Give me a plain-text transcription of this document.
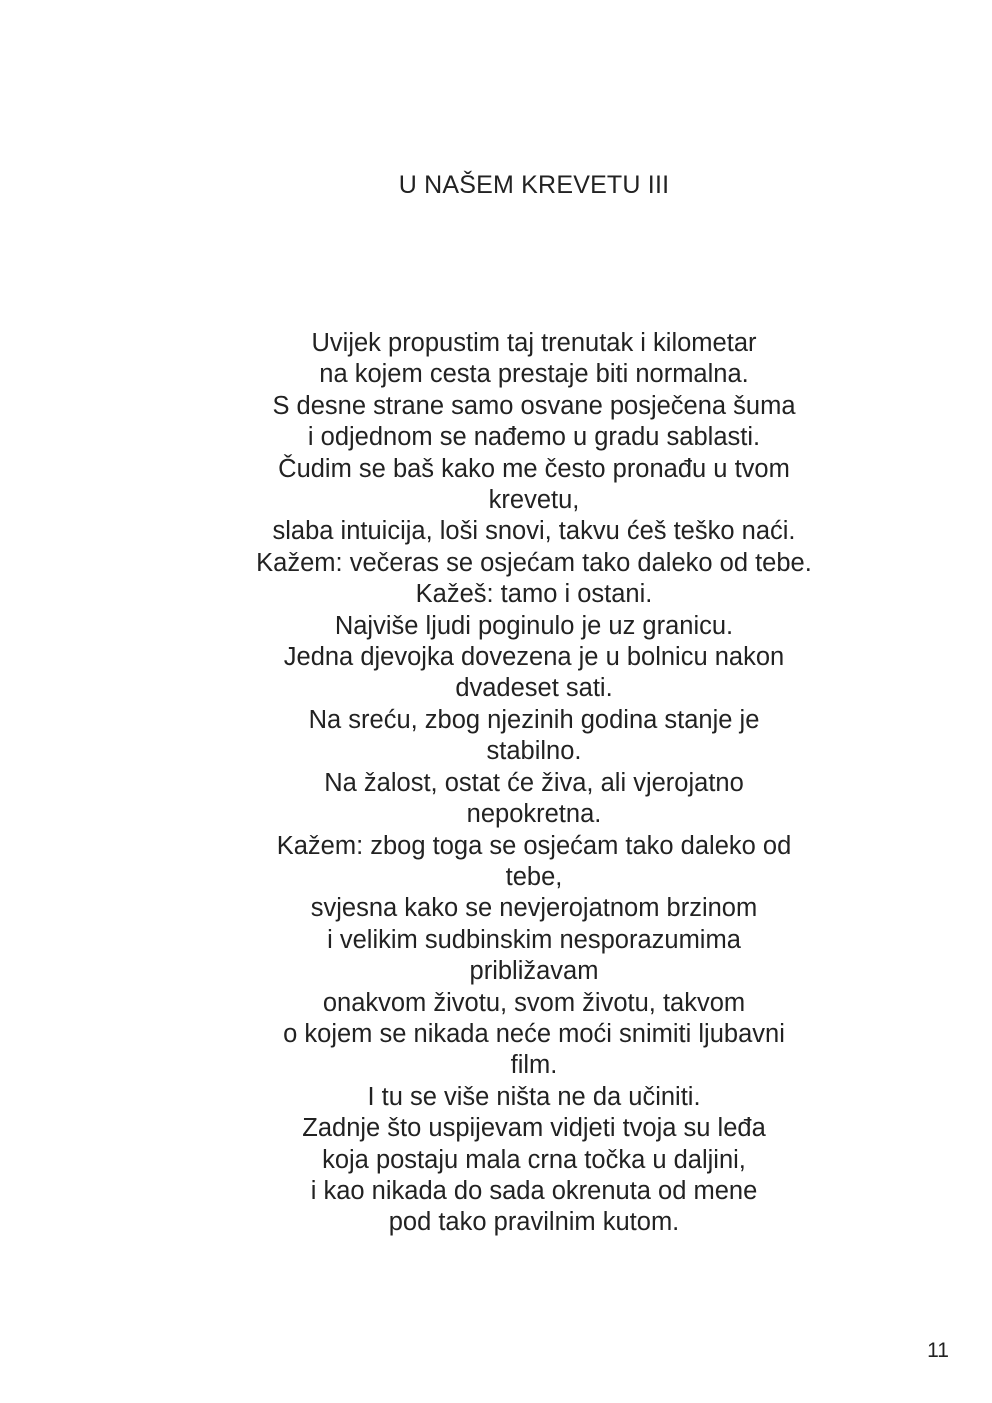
U NAŠEM KREVETU III
Uvijek propustim taj trenutak i kilometar
na kojem cesta prestaje biti normalna.
S desne strane samo osvane posječena šuma
i odjednom se nađemo u gradu sablasti.
Čudim se baš kako me često pronađu u tvom
krevetu,
slaba intuicija, loši snovi, takvu ćeš teško naći.
Kažem: večeras se osjećam tako daleko od tebe.
Kažeš: tamo i ostani.
Najviše ljudi poginulo je uz granicu.
Jedna djevojka dovezena je u bolnicu nakon
dvadeset sati.
Na sreću, zbog njezinih godina stanje je
stabilno.
Na žalost, ostat će živa, ali vjerojatno
nepokretna.
Kažem: zbog toga se osjećam tako daleko od
tebe,
svjesna kako se nevjerojatnom brzinom
i velikim sudbinskim nesporazumima
približavam
onakvom životu, svom životu, takvom
o kojem se nikada neće moći snimiti ljubavni
film.
I tu se više ništa ne da učiniti.
Zadnje što uspijevam vidjeti tvoja su leđa
koja postaju mala crna točka u daljini,
i kao nikada do sada okrenuta od mene
pod tako pravilnim kutom.
11
